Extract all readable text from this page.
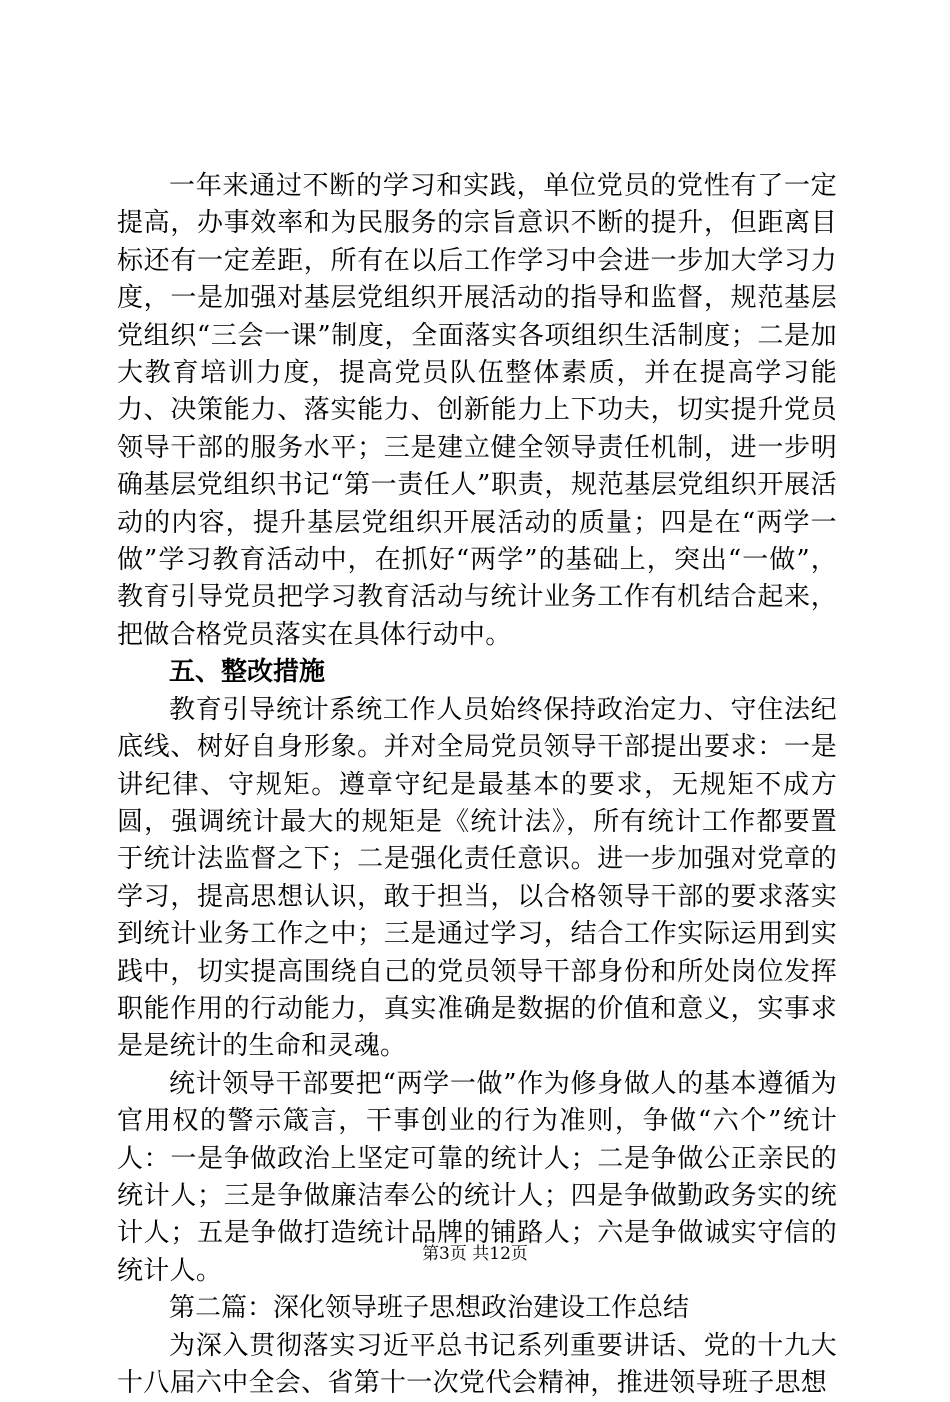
一年来通过不断的学习和实践，单位党员的党性有了一定提高，办事效率和为民服务的宗旨意识不断的提升，但距离目标还有一定差距，所有在以后工作学习中会进一步加大学习力度，一是加强对基层党组织开展活动的指导和监督，规范基层党组织“三会一课”制度，全面落实各项组织生活制度；二是加大教育培训力度，提高党员队伍整体素质，并在提高学习能力、决策能力、落实能力、创新能力上下功夫，切实提升党员领导干部的服务水平；三是建立健全领导责任机制，进一步明确基层党组织书记“第一责任人”职责，规范基层党组织开展活动的内容，提升基层党组织开展活动的质量；四是在“两学一做”学习教育活动中，在抓好“两学”的基础上，突出“一做”，教育引导党员把学习教育活动与统计业务工作有机结合起来，把做合格党员落实在具体行动中。

五、整改措施

教育引导统计系统工作人员始终保持政治定力、守住法纪底线、树好自身形象。并对全局党员领导干部提出要求：一是讲纪律、守规矩。遵章守纪是最基本的要求，无规矩不成方圆，强调统计最大的规矩是《统计法》，所有统计工作都要置于统计法监督之下；二是强化责任意识。进一步加强对党章的学习，提高思想认识，敢于担当，以合格领导干部的要求落实到统计业务工作之中；三是通过学习，结合工作实际运用到实践中，切实提高围绕自己的党员领导干部身份和所处岗位发挥职能作用的行动能力，真实准确是数据的价值和意义，实事求是是统计的生命和灵魂。

统计领导干部要把“两学一做”作为修身做人的基本遵循为官用权的警示箴言，干事创业的行为准则，争做“六个”统计人：一是争做政治上坚定可靠的统计人；二是争做公正亲民的统计人；三是争做廉洁奉公的统计人；四是争做勤政务实的统计人；五是争做打造统计品牌的铺路人；六是争做诚实守信的统计人。

第二篇：深化领导班子思想政治建设工作总结

为深入贯彻落实习近平总书记系列重要讲话、党的十九大十八届六中全会、省第十一次党代会精神，推进领导班子思想

第3页 共12页
